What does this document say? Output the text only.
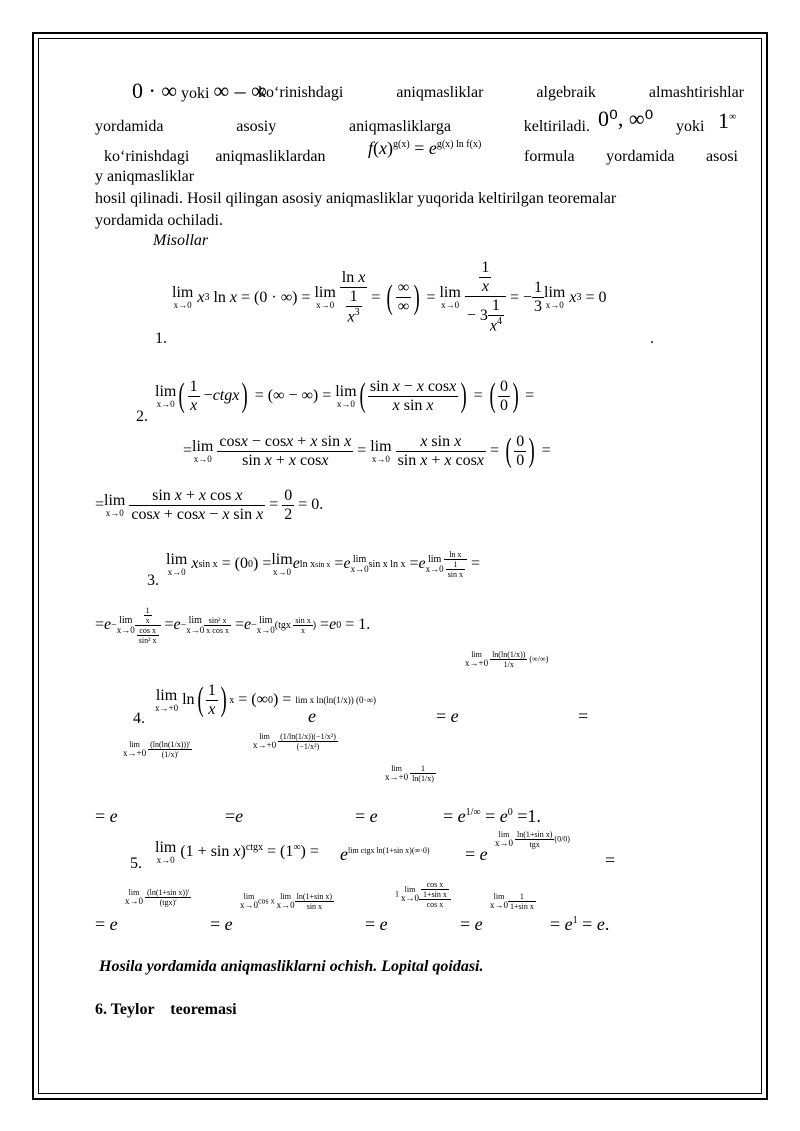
0 · ∞ yoki ∞ – ∞
ko‘rinishdagi	aniqmasliklar	algebraik	almashtirishlar
yordamida	asosiy	aniqmasliklarga	keltiriladi. 0⁰, ∞⁰ yoki 1∞
ko‘rinishdagi aniqmasliklardan	$f(x)^{g(x)} = e^{g(x) ln f(x)}$
formula yordamida asosi
y aniqmasliklar
hosil qilinadi. Hosil qilingan asosiy aniqmasliklar yuqorida keltirilgan teoremalar
yordamida ochiladi.
Misollar
1.	.
lim
x→0
x 3 ln x = (0 · ∞) = lim
x→0
$\frac{\text{ln x}}{\frac{1}{x^3}}$ = ( $\frac{\infty}{\infty}$ ) = lim
x→0
$\frac{\frac{1}{x}}{- 3 \frac{1}{x^4}}$ = − $\frac{1}{3}$ lim
x→0
x 3 = 0
2.
lim
x→0 ( $\frac{1}{x}$ − ctgx ) = (∞ − ∞) = lim
x→0 ( $\frac{\text{sin x − x cosx}}{\text{x sin x}}$ ) = ( $\frac{0}{0}$ ) =
= lim
x→0
$\frac{\text{cosx − cosx + x sin x}}{\text{sin x + x cosx}} = \lim$
x→0
$\frac{\text{x sin x}}{\text{sin x + x cosx}}$ = ( $\frac{0}{0}$ ) =
= lim
x→0
$\frac{\text{sin x + x cos x}}{\text{cosx + cosx − x sin x}} = \frac{0}{2} = 0$.
3.
lim
x→0
x sin x = (0 0 ) = lim
x→0 e ln xsin x = e lim
x→0 sin x ln x = e lim
$x\to 0 \frac{\text{ln x}}{\frac{1}{\text{sin x}}}$ =
= e − lim
$x\to 0 \frac{\frac{1}{x}}{\frac{\text{cos x}}{\text{sin² x}}} = e - \lim$
$x\to 0 \frac{\text{sin² x}}{\text{x cos x}} = e - \lim$
x→0 ($tgx \frac{\text{sin x}}{x}$ ) = e 0 = 1.
4.
lim
x→+0 ln ( $\frac{1}{x}$ ) x = (∞ 0 ) = lim x ln(ln(1/x)) (0·∞)
e	= e
lim
x→+0
$\frac{\ln(\ln(1/x))}{1/x}$ (∞/∞)
=
= e
lim
x→+0
$\frac{(\ln(\ln(1/x)))'}{(1/x)'}$
=e
lim
x→+0
$\frac{\text{(1/ln(1/x))(−1/x²)}}{\text{(−1/x²)}}$
= e
lim
x→+0
$\frac{1}{\ln(1/x)}$
= $e^{1/\infty} = e^0 =1$.
5.
lim
x→0 $(1 + \sin x)^{ctgx} = (1^\infty) = e^{lim ctgx ln(1+sin x)(\infty\cdot 0)} = e$
lim
x→0
$\frac{\text{ln(1+sin x)}}{\text{tgx}} (0/0)$
=
= e
lim
x→0
$\frac{\text{(ln(1+sin x))′}}{\text{(tgx)′}}$
= e
lim
x→0 cos x lim
$x\to 0 \frac{\text{ln(1+sin x)}}{\text{sin x}}$
= e
1 lim
$x\to 0 \frac{\frac{\text{cos x}}{\text{1+sin x}}}{\text{cos x}}$
= e
lim
$x\to 0 \frac{1}{\text{1+sin x}}$
= $e^1 = e$.
Hosila yordamida aniqmasliklarni ochish. Lopital qoidasi.
6. Teylor    teoremasi
